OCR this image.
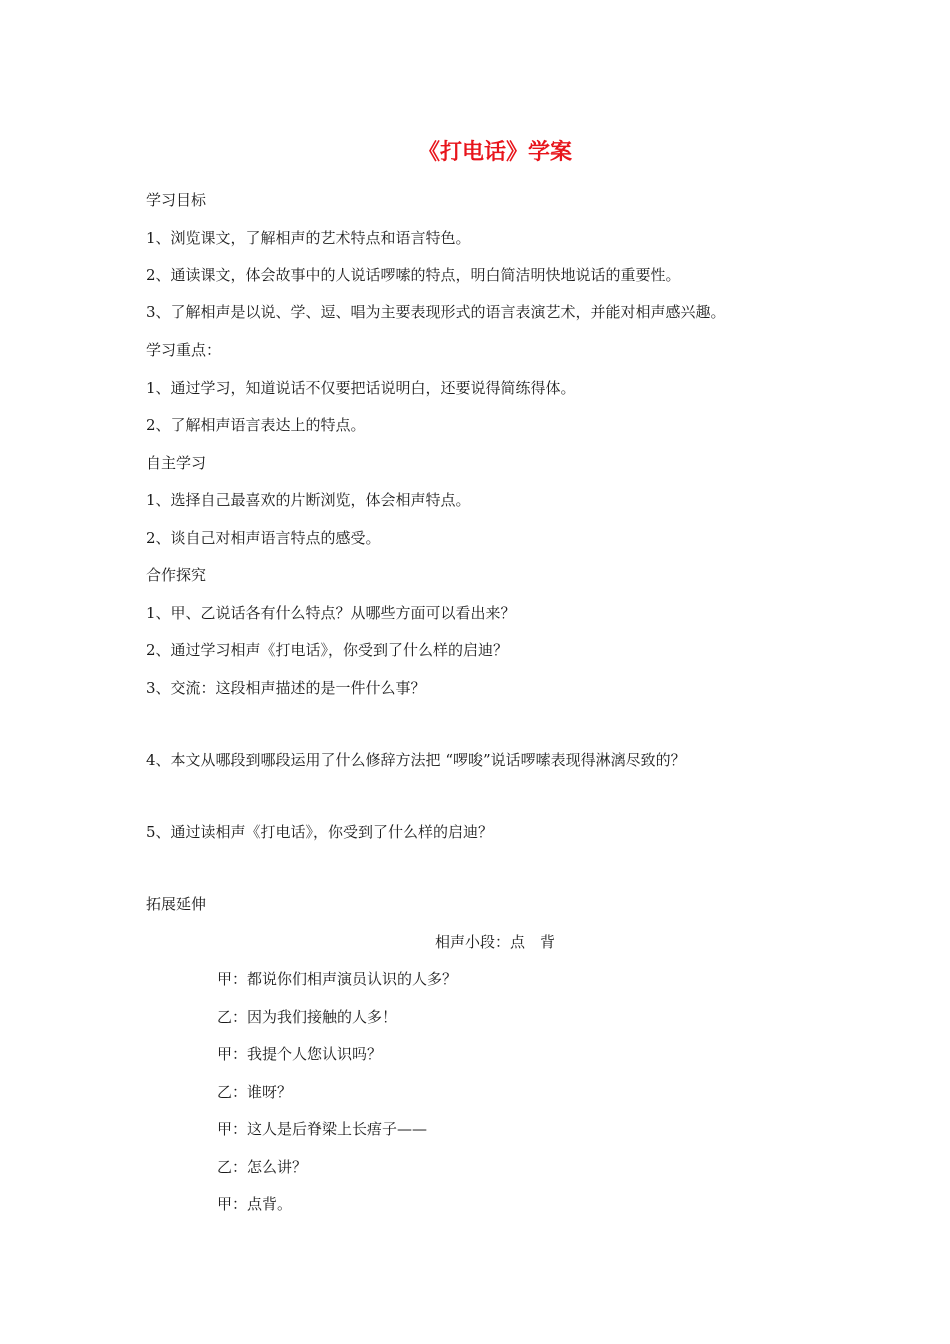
《打电话》学案
学习目标
1、浏览课文，了解相声的艺术特点和语言特色。
2、通读课文，体会故事中的人说话啰嗦的特点，明白简洁明快地说话的重要性。
3、了解相声是以说、学、逗、唱为主要表现形式的语言表演艺术，并能对相声感兴趣。
学习重点：
1、通过学习，知道说话不仅要把话说明白，还要说得简练得体。
2、了解相声语言表达上的特点。
自主学习
1、选择自己最喜欢的片断浏览，体会相声特点。
2、谈自己对相声语言特点的感受。
合作探究
1、甲、乙说话各有什么特点？从哪些方面可以看出来？
2、通过学习相声《打电话》，你受到了什么样的启迪？
3、交流：这段相声描述的是一件什么事？
4、本文从哪段到哪段运用了什么修辞方法把 “啰唆”说话啰嗦表现得淋漓尽致的？
5、通过读相声《打电话》，你受到了什么样的启迪？
拓展延伸
相声小段：点　背
甲：都说你们相声演员认识的人多？
乙：因为我们接触的人多！
甲：我提个人您认识吗？
乙：谁呀？
甲：这人是后脊梁上长痦子——
乙：怎么讲？
甲：点背。
